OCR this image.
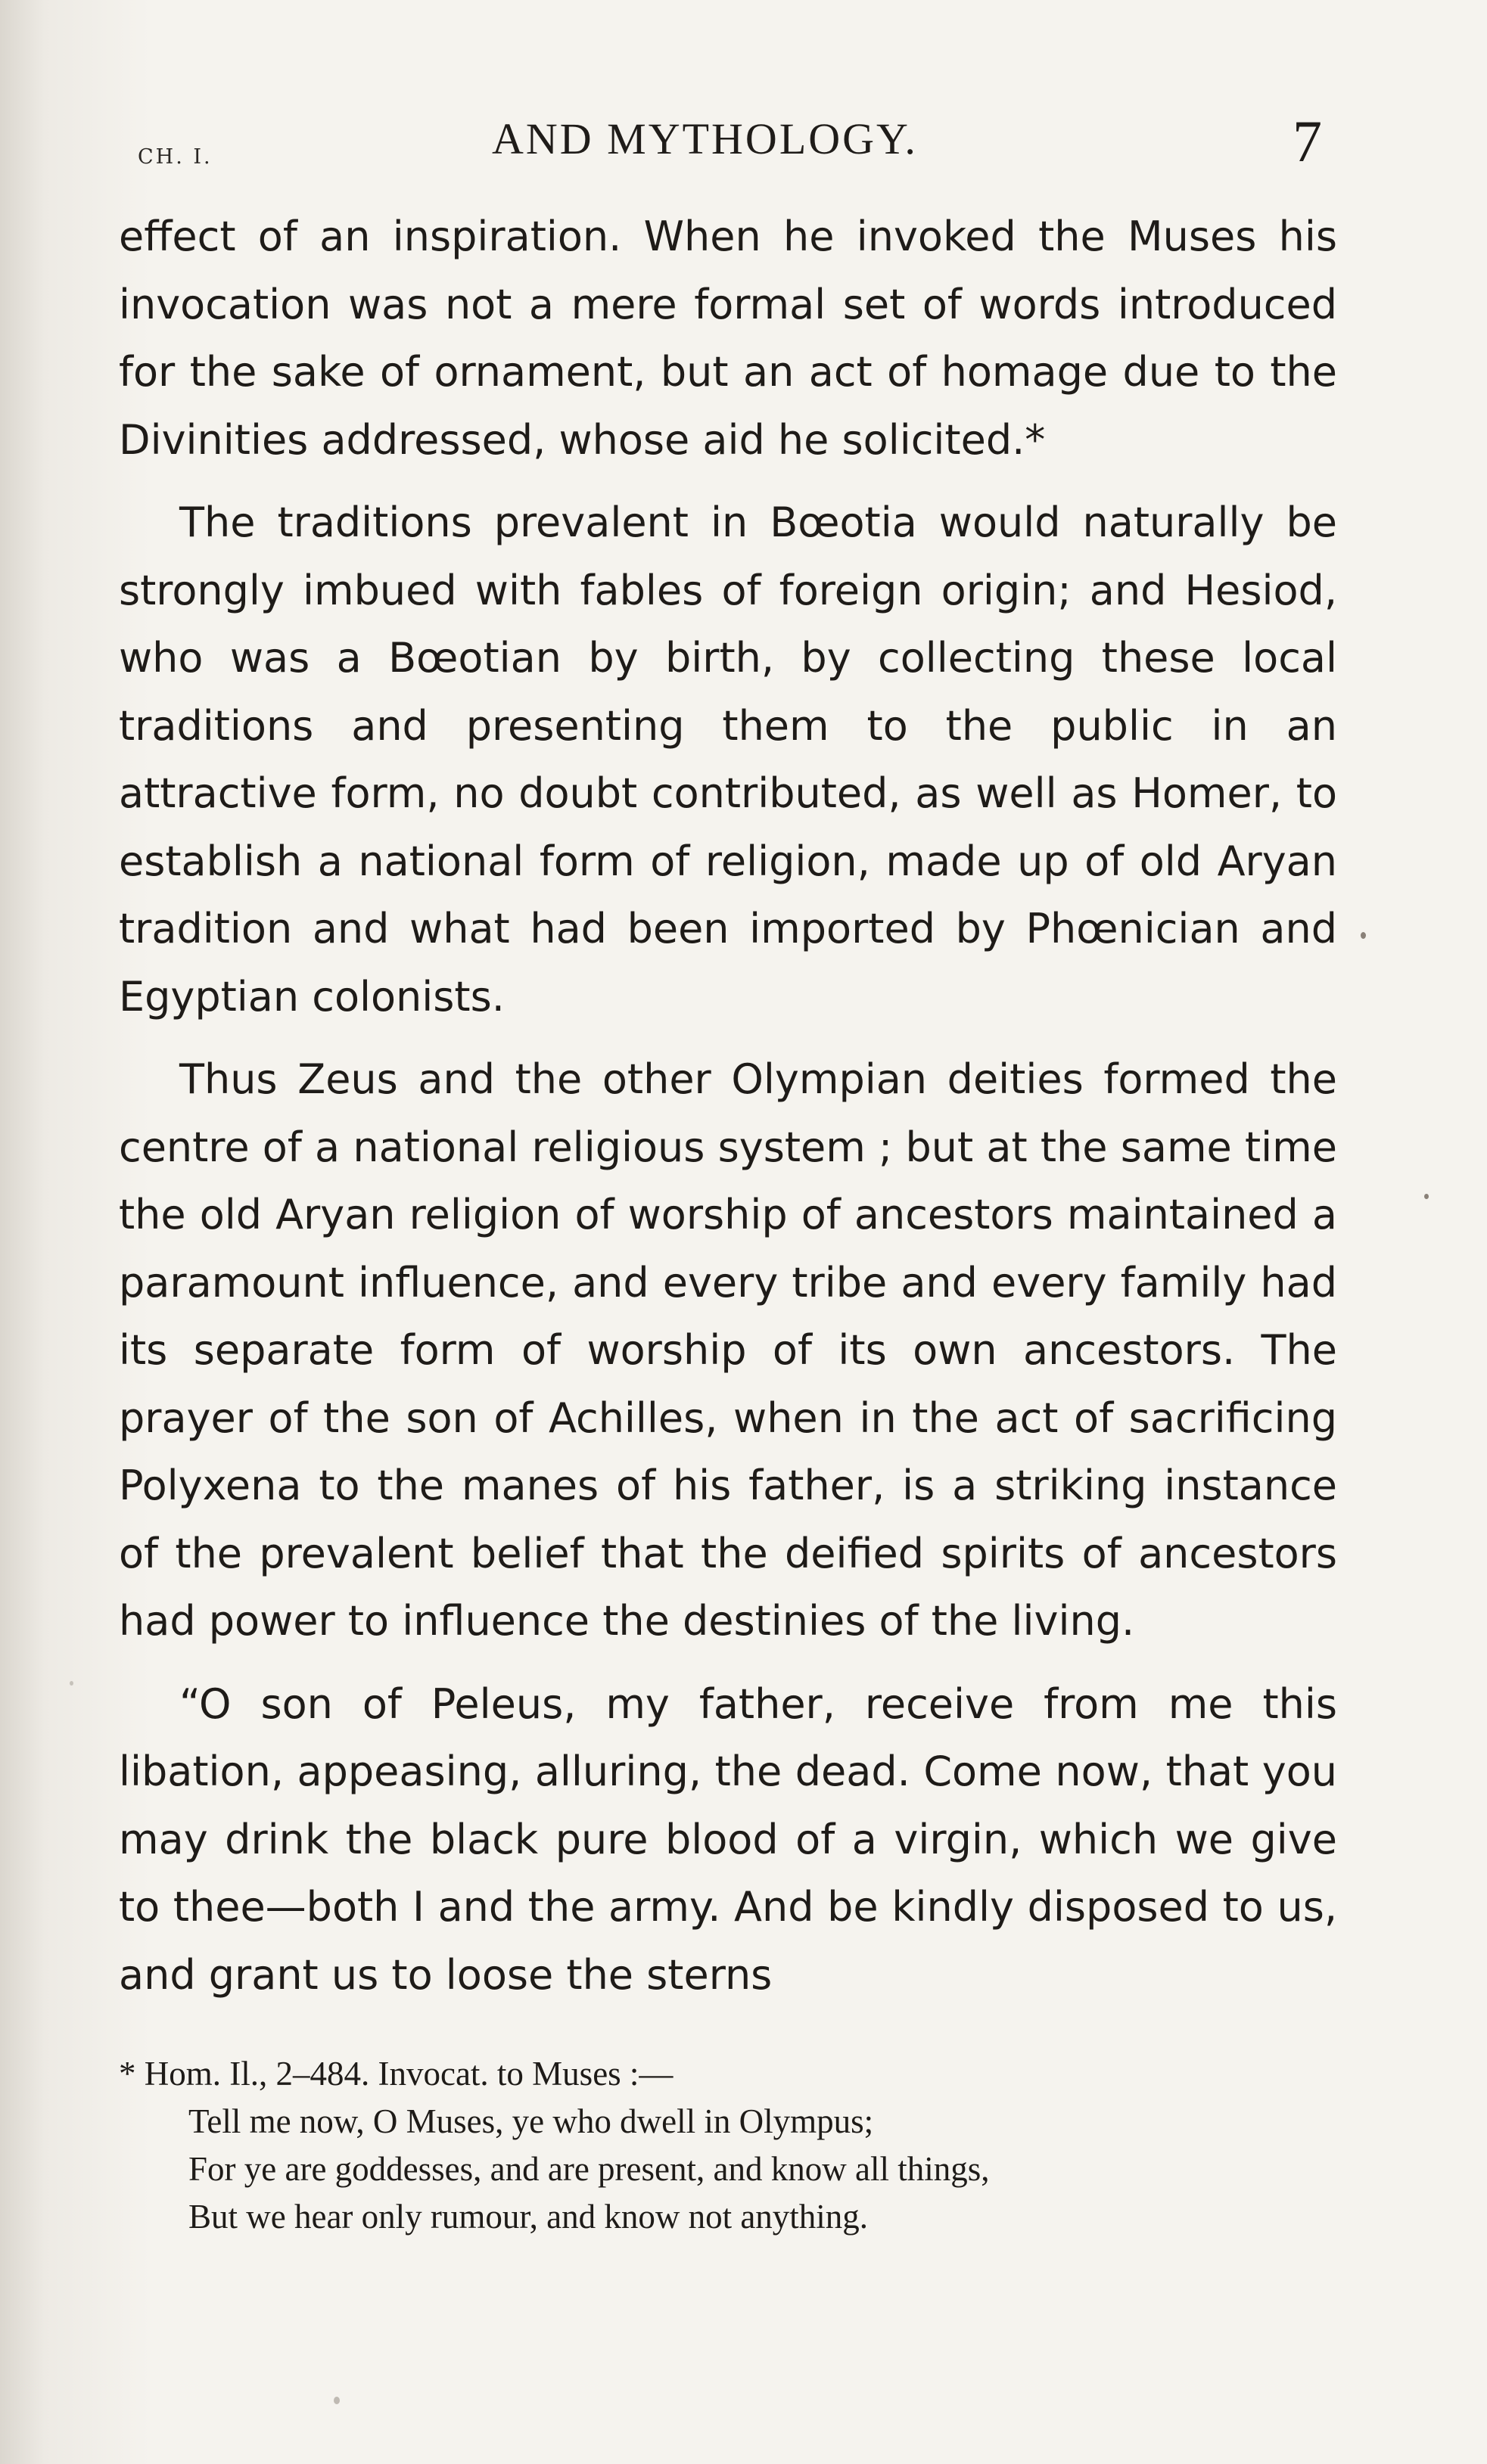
CH. I.	AND MYTHOLOGY.	7

effect of an inspiration. When he invoked the Muses his invocation was not a mere formal set of words introduced for the sake of ornament, but an act of homage due to the Divinities addressed, whose aid he solicited.*

The traditions prevalent in Bœotia would naturally be strongly imbued with fables of foreign origin; and Hesiod, who was a Bœotian by birth, by collecting these local traditions and presenting them to the public in an attractive form, no doubt contributed, as well as Homer, to establish a national form of religion, made up of old Aryan tradition and what had been imported by Phœnician and Egyptian colonists.

Thus Zeus and the other Olympian deities formed the centre of a national religious system ; but at the same time the old Aryan religion of worship of ancestors maintained a paramount influence, and every tribe and every family had its separate form of worship of its own ancestors. The prayer of the son of Achilles, when in the act of sacrificing Polyxena to the manes of his father, is a striking instance of the prevalent belief that the deified spirits of ancestors had power to influence the destinies of the living.

“O son of Peleus, my father, receive from me this libation, appeasing, alluring, the dead. Come now, that you may drink the black pure blood of a virgin, which we give to thee—both I and the army. And be kindly disposed to us, and grant us to loose the sterns

* Hom. Il., 2–484. Invocat. to Muses :—
Tell me now, O Muses, ye who dwell in Olympus;
For ye are goddesses, and are present, and know all things,
But we hear only rumour, and know not anything.
